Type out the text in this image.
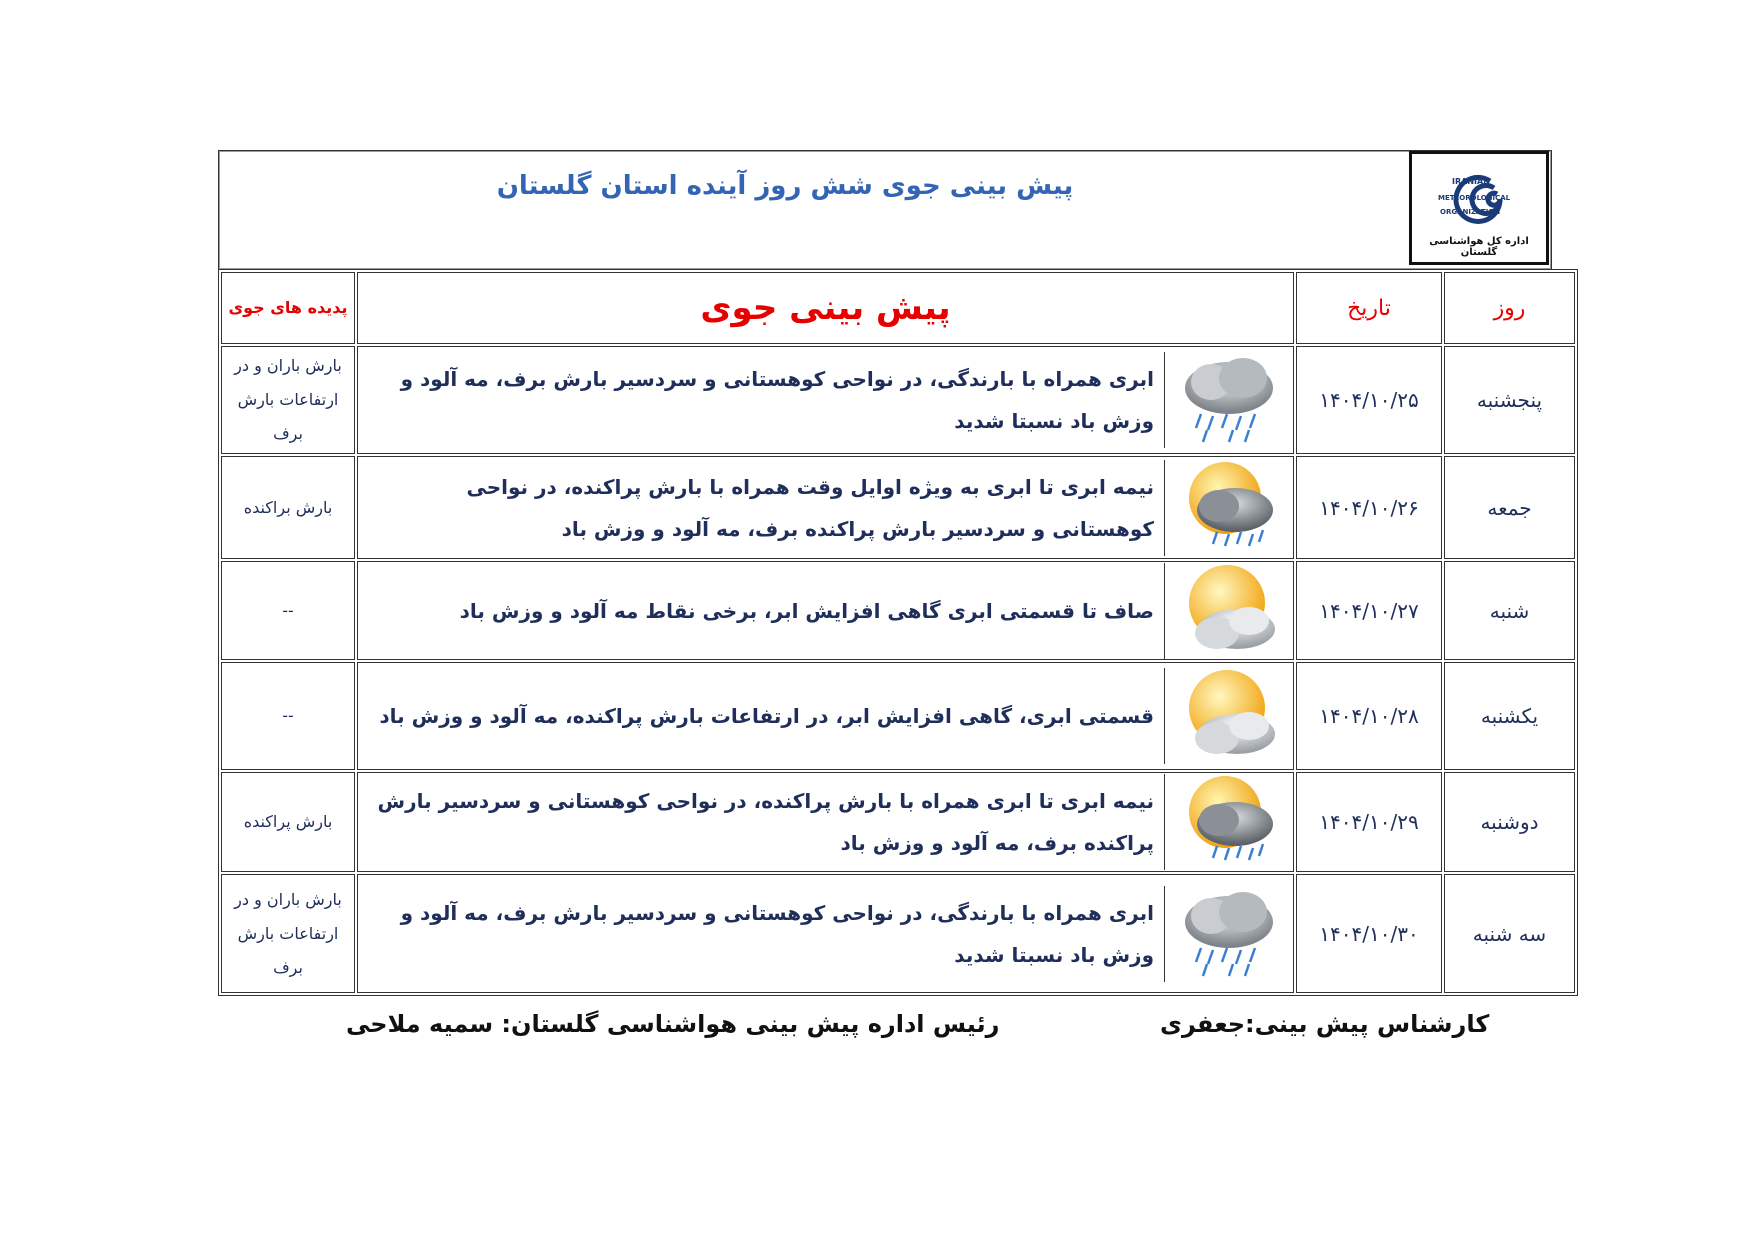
پیش بینی جوی شش روز آینده استان گلستان	IRANIAN
METEOROLOGICAL
ORGANIZATION
اداره کل هواشناسی گلستان
پدیده های جوی	پیش بینی جوی	تاریخ	روز
بارش باران و در ارتفاعات بارش برف	ابری همراه با بارندگی، در نواحی کوهستانی و سردسیر بارش برف، مه آلود و وزش باد نسبتا شدید	۱۴۰۴/۱۰/۲۵	پنجشنبه
بارش براکنده	نیمه ابری تا ابری به ویژه اوایل وقت همراه با بارش پراکنده، در نواحی کوهستانی و سردسیر بارش پراکنده برف، مه آلود و وزش باد	۱۴۰۴/۱۰/۲۶	جمعه
--	صاف تا قسمتی ابری گاهی افزایش ابر، برخی نقاط مه آلود و وزش باد	۱۴۰۴/۱۰/۲۷	شنبه
--	قسمتی ابری، گاهی افزایش ابر، در ارتفاعات بارش پراکنده، مه آلود و وزش باد	۱۴۰۴/۱۰/۲۸	یکشنبه
بارش پراکنده	نیمه ابری تا ابری همراه با بارش پراکنده، در نواحی کوهستانی و سردسیر بارش پراکنده برف، مه آلود و وزش باد	۱۴۰۴/۱۰/۲۹	دوشنبه
بارش باران و در ارتفاعات بارش برف	ابری همراه با بارندگی، در نواحی کوهستانی و سردسیر بارش برف، مه آلود و وزش باد نسبتا شدید	۱۴۰۴/۱۰/۳۰	سه شنبه
کارشناس پیش بینی:جعفری
رئیس اداره پیش بینی هواشناسی گلستان: سمیه ملاحی
